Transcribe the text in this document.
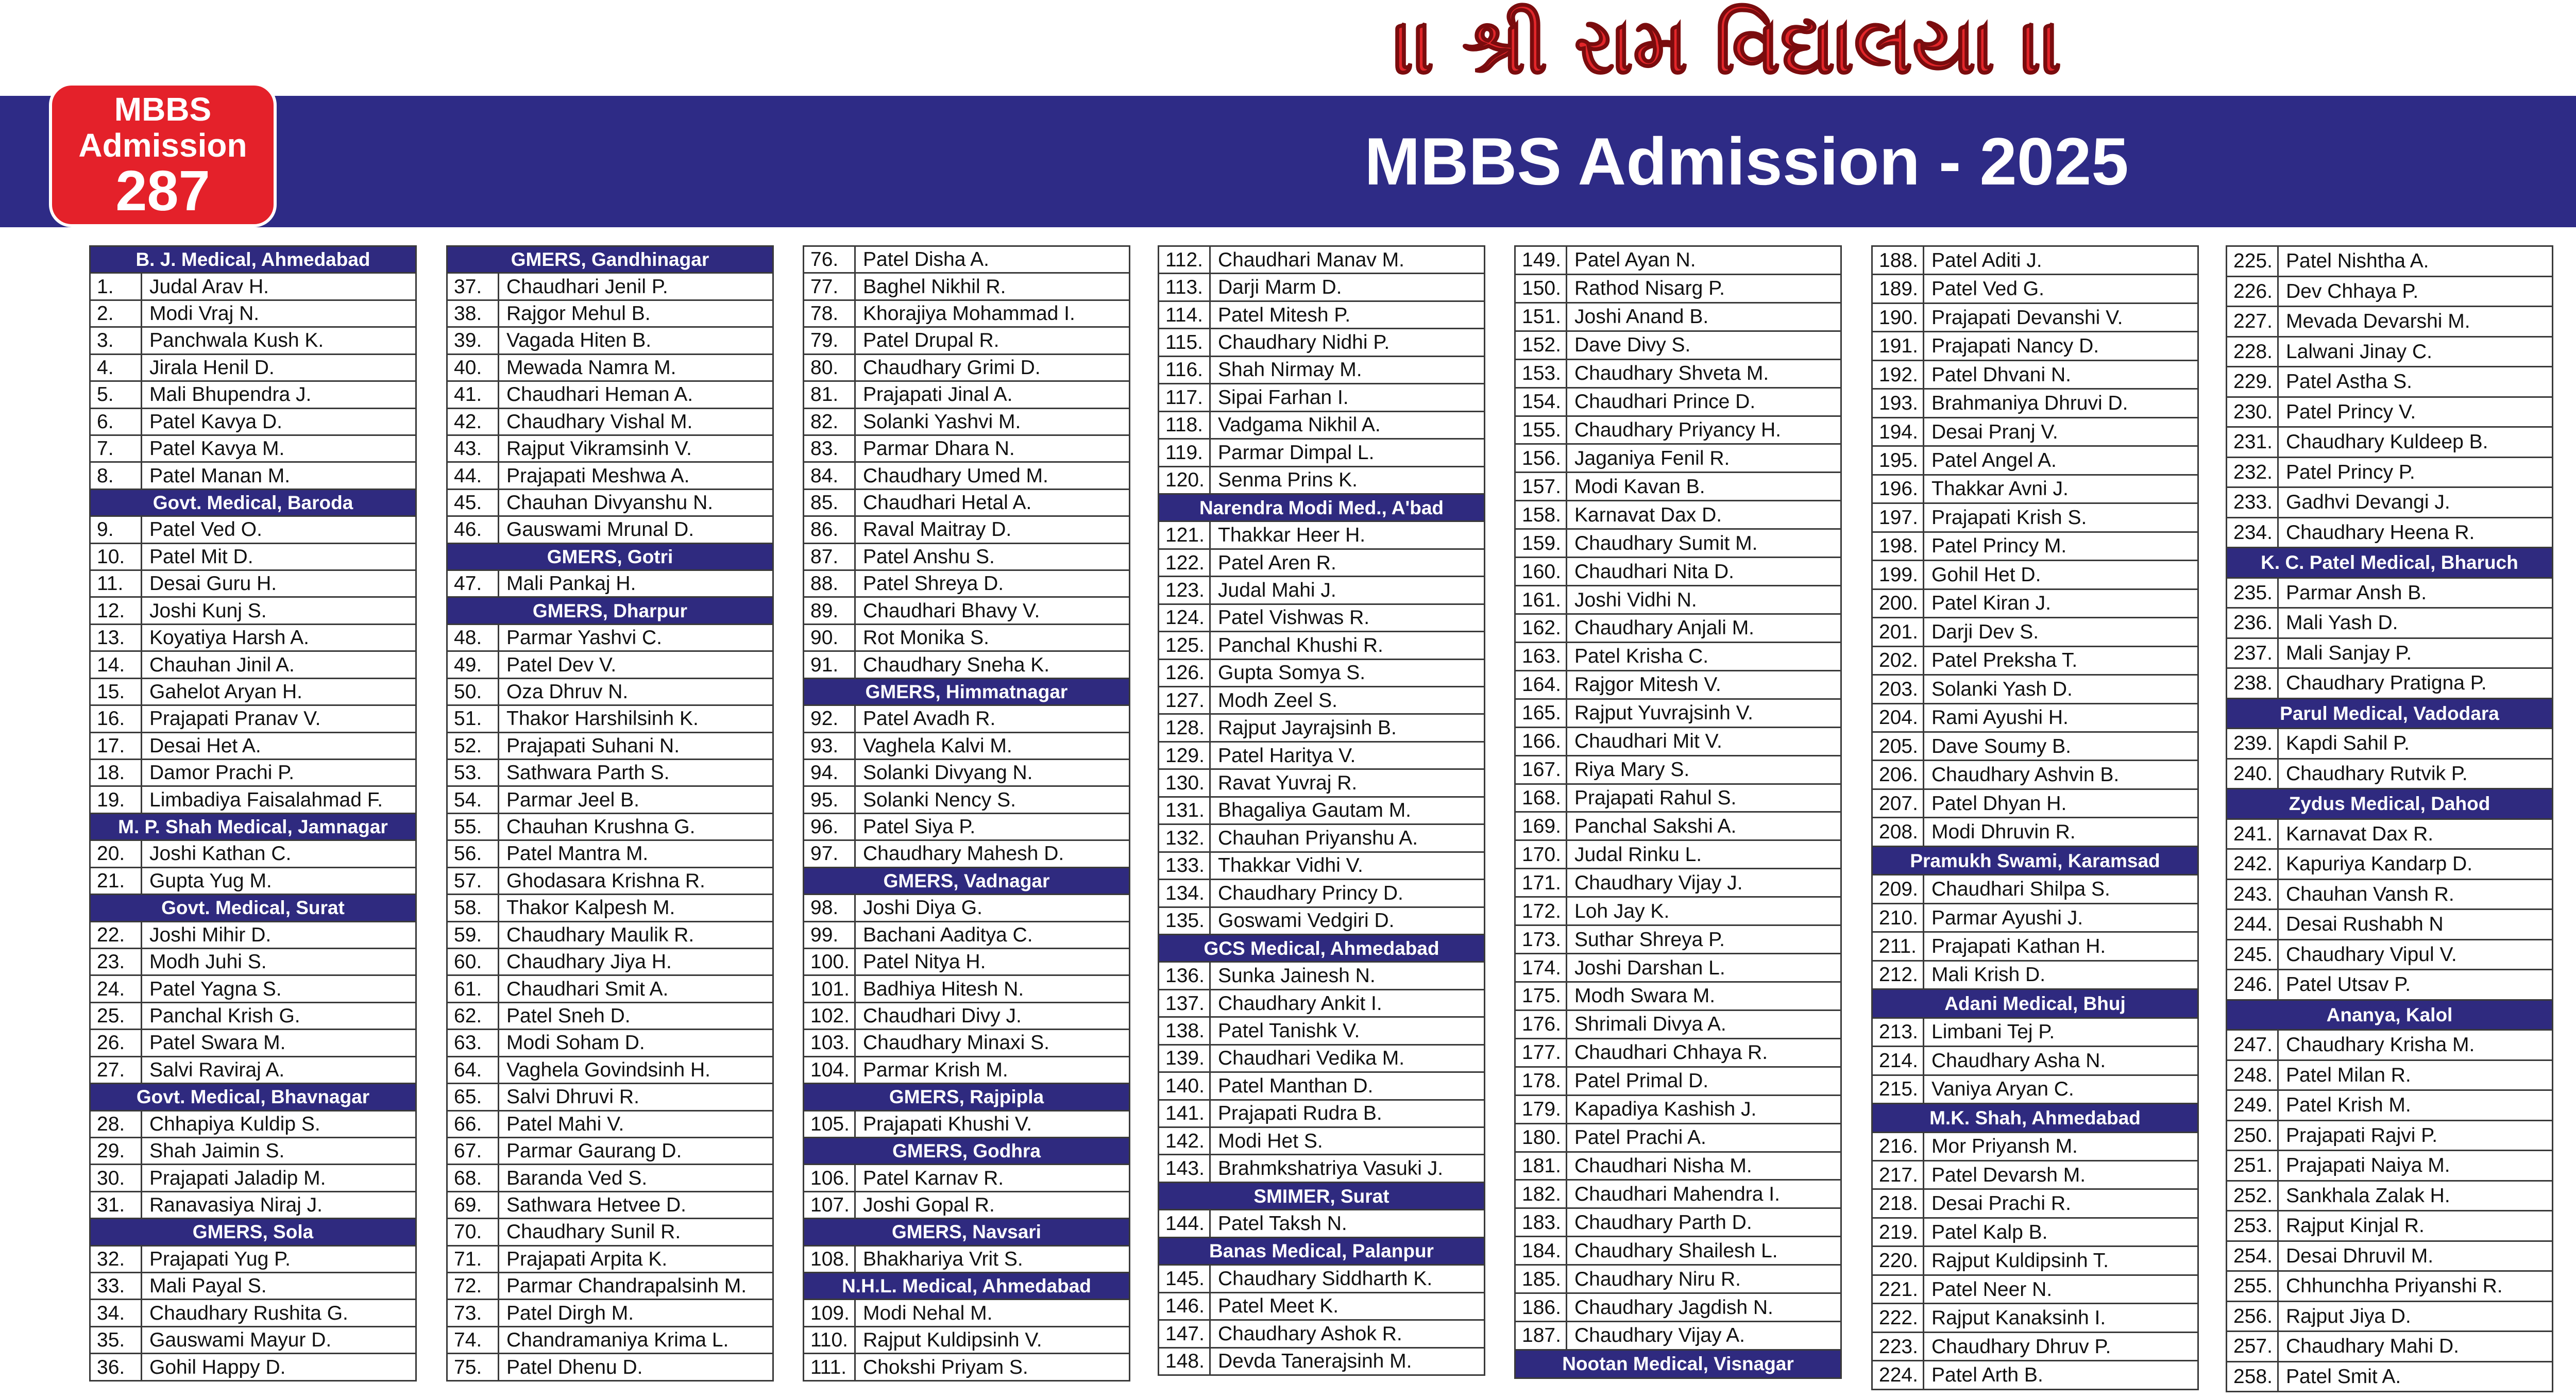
।। શ્રી રામ વિદ્યાલયા ।।
MBBS Admission - 2025
MBBS
Admission
287

B. J. Medical, Ahmedabad
1.	Judal Arav H.
2.	Modi Vraj N.
3.	Panchwala Kush K.
4.	Jirala Henil D.
5.	Mali Bhupendra J.
6.	Patel Kavya D.
7.	Patel Kavya M.
8.	Patel Manan M.
Govt. Medical, Baroda
9.	Patel Ved O.
10.	Patel Mit D.
11.	Desai Guru H.
12.	Joshi Kunj S.
13.	Koyatiya Harsh A.
14.	Chauhan Jinil A.
15.	Gahelot Aryan H.
16.	Prajapati Pranav V.
17.	Desai Het A.
18.	Damor Prachi P.
19.	Limbadiya Faisalahmad F.
M. P. Shah Medical, Jamnagar
20.	Joshi Kathan C.
21.	Gupta Yug M.
Govt. Medical, Surat
22.	Joshi Mihir D.
23.	Modh Juhi S.
24.	Patel Yagna S.
25.	Panchal Krish G.
26.	Patel Swara M.
27.	Salvi Raviraj A.
Govt. Medical, Bhavnagar
28.	Chhapiya Kuldip S.
29.	Shah Jaimin S.
30.	Prajapati Jaladip M.
31.	Ranavasiya Niraj J.
GMERS, Sola
32.	Prajapati Yug P.
33.	Mali Payal S.
34.	Chaudhary Rushita G.
35.	Gauswami Mayur D.
36.	Gohil Happy D.
GMERS, Gandhinagar
37.	Chaudhari Jenil P.
38.	Rajgor Mehul B.
39.	Vagada Hiten B.
40.	Mewada Namra M.
41.	Chaudhari Heman A.
42.	Chaudhary Vishal M.
43.	Rajput Vikramsinh V.
44.	Prajapati Meshwa A.
45.	Chauhan Divyanshu N.
46.	Gauswami Mrunal D.
GMERS, Gotri
47.	Mali Pankaj H.
GMERS, Dharpur
48.	Parmar Yashvi C.
49.	Patel Dev V.
50.	Oza Dhruv N.
51.	Thakor Harshilsinh K.
52.	Prajapati Suhani N.
53.	Sathwara Parth S.
54.	Parmar Jeel B.
55.	Chauhan Krushna G.
56.	Patel Mantra M.
57.	Ghodasara Krishna R.
58.	Thakor Kalpesh M.
59.	Chaudhary Maulik R.
60.	Chaudhary Jiya H.
61.	Chaudhari Smit A.
62.	Patel Sneh D.
63.	Modi Soham D.
64.	Vaghela Govindsinh H.
65.	Salvi Dhruvi R.
66.	Patel Mahi V.
67.	Parmar Gaurang D.
68.	Baranda Ved S.
69.	Sathwara Hetvee D.
70.	Chaudhary Sunil R.
71.	Prajapati Arpita K.
72.	Parmar Chandrapalsinh M.
73.	Patel Dirgh M.
74.	Chandramaniya Krima L.
75.	Patel Dhenu D.
76.	Patel Disha A.
77.	Baghel Nikhil R.
78.	Khorajiya Mohammad I.
79.	Patel Drupal R.
80.	Chaudhary Grimi D.
81.	Prajapati Jinal A.
82.	Solanki Yashvi M.
83.	Parmar Dhara N.
84.	Chaudhary Umed M.
85.	Chaudhari Hetal A.
86.	Raval Maitray D.
87.	Patel Anshu S.
88.	Patel Shreya D.
89.	Chaudhari Bhavy V.
90.	Rot Monika S.
91.	Chaudhary Sneha K.
GMERS, Himmatnagar
92.	Patel Avadh R.
93.	Vaghela Kalvi M.
94.	Solanki Divyang N.
95.	Solanki Nency S.
96.	Patel Siya P.
97.	Chaudhary Mahesh D.
GMERS, Vadnagar
98.	Joshi Diya G.
99.	Bachani Aaditya C.
100. Patel Nitya H.
101. Badhiya Hitesh N.
102. Chaudhari Divy J.
103. Chaudhary Minaxi S.
104. Parmar Krish M.
GMERS, Rajpipla
105. Prajapati Khushi V.
GMERS, Godhra
106. Patel Karnav R.
107. Joshi Gopal R.
GMERS, Navsari
108. Bhakhariya Vrit S.
N.H.L. Medical, Ahmedabad
109. Modi Nehal M.
110. Rajput Kuldipsinh V.
111. Chokshi Priyam S.
112. Chaudhari Manav M.
113. Darji Marm D.
114. Patel Mitesh P.
115. Chaudhary Nidhi P.
116. Shah Nirmay M.
117. Sipai Farhan I.
118. Vadgama Nikhil A.
119. Parmar Dimpal L.
120. Senma Prins K.
Narendra Modi Med., A'bad
121. Thakkar Heer H.
122. Patel Aren R.
123. Judal Mahi J.
124. Patel Vishwas R.
125. Panchal Khushi R.
126. Gupta Somya S.
127. Modh Zeel S.
128. Rajput Jayrajsinh B.
129. Patel Haritya V.
130. Ravat Yuvraj R.
131. Bhagaliya Gautam M.
132. Chauhan Priyanshu A.
133. Thakkar Vidhi V.
134. Chaudhary Princy D.
135. Goswami Vedgiri D.
GCS Medical, Ahmedabad
136. Sunka Jainesh N.
137. Chaudhary Ankit I.
138. Patel Tanishk V.
139. Chaudhari Vedika M.
140. Patel Manthan D.
141. Prajapati Rudra B.
142. Modi Het S.
143. Brahmkshatriya Vasuki J.
SMIMER, Surat
144. Patel Taksh N.
Banas Medical, Palanpur
145. Chaudhary Siddharth K.
146. Patel Meet K.
147. Chaudhary Ashok R.
148. Devda Tanerajsinh M.
149. Patel Ayan N.
150. Rathod Nisarg P.
151. Joshi Anand B.
152. Dave Divy S.
153. Chaudhary Shveta M.
154. Chaudhari Prince D.
155. Chaudhary Priyancy H.
156. Jaganiya Fenil R.
157. Modi Kavan B.
158. Karnavat Dax D.
159. Chaudhary Sumit M.
160. Chaudhari Nita D.
161. Joshi Vidhi N.
162. Chaudhary Anjali M.
163. Patel Krisha C.
164. Rajgor Mitesh V.
165. Rajput Yuvrajsinh V.
166. Chaudhari Mit V.
167. Riya Mary S.
168. Prajapati Rahul S.
169. Panchal Sakshi A.
170. Judal Rinku L.
171. Chaudhary Vijay J.
172. Loh Jay K.
173. Suthar Shreya P.
174. Joshi Darshan L.
175. Modh Swara M.
176. Shrimali Divya A.
177. Chaudhari Chhaya R.
178. Patel Primal D.
179. Kapadiya Kashish J.
180. Patel Prachi A.
181. Chaudhari Nisha M.
182. Chaudhari Mahendra I.
183. Chaudhary Parth D.
184. Chaudhary Shailesh L.
185. Chaudhary Niru R.
186. Chaudhary Jagdish N.
187. Chaudhary Vijay A.
Nootan Medical, Visnagar
188. Patel Aditi J.
189. Patel Ved G.
190. Prajapati Devanshi V.
191. Prajapati Nancy D.
192. Patel Dhvani N.
193. Brahmaniya Dhruvi D.
194. Desai Pranj V.
195. Patel Angel A.
196. Thakkar Avni J.
197. Prajapati Krish S.
198. Patel Princy M.
199. Gohil Het D.
200. Patel Kiran J.
201. Darji Dev S.
202. Patel Preksha T.
203. Solanki Yash D.
204. Rami Ayushi H.
205. Dave Soumy B.
206. Chaudhary Ashvin B.
207. Patel Dhyan H.
208. Modi Dhruvin R.
Pramukh Swami, Karamsad
209. Chaudhari Shilpa S.
210. Parmar Ayushi J.
211. Prajapati Kathan H.
212. Mali Krish D.
Adani Medical, Bhuj
213. Limbani Tej P.
214. Chaudhary Asha N.
215. Vaniya Aryan C.
M.K. Shah, Ahmedabad
216. Mor Priyansh M.
217. Patel Devarsh M.
218. Desai Prachi R.
219. Patel Kalp B.
220. Rajput Kuldipsinh T.
221. Patel Neer N.
222. Rajput Kanaksinh I.
223. Chaudhary Dhruv P.
224. Patel Arth B.
225. Patel Nishtha A.
226. Dev Chhaya P.
227. Mevada Devarshi M.
228. Lalwani Jinay C.
229. Patel Astha S.
230. Patel Princy V.
231. Chaudhary Kuldeep B.
232. Patel Princy P.
233. Gadhvi Devangi J.
234. Chaudhary Heena R.
K. C. Patel Medical, Bharuch
235. Parmar Ansh B.
236. Mali Yash D.
237. Mali Sanjay P.
238. Chaudhary Pratigna P.
Parul Medical, Vadodara
239. Kapdi Sahil P.
240. Chaudhary Rutvik P.
Zydus Medical, Dahod
241. Karnavat Dax R.
242. Kapuriya Kandarp D.
243. Chauhan Vansh R.
244. Desai Rushabh N
245. Chaudhary Vipul V.
246. Patel Utsav P.
Ananya, Kalol
247. Chaudhary Krisha M.
248. Patel Milan R.
249. Patel Krish M.
250. Prajapati Rajvi P.
251. Prajapati Naiya M.
252. Sankhala Zalak H.
253. Rajput Kinjal R.
254. Desai Dhruvil M.
255. Chhunchha Priyanshi R.
256. Rajput Jiya D.
257. Chaudhary Mahi D.
258. Patel Smit A.
